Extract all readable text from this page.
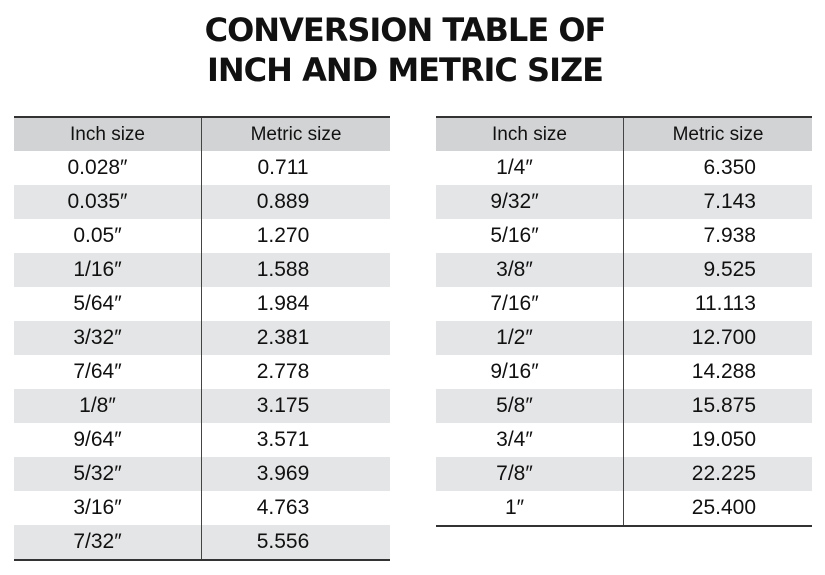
CONVERSION TABLE OF
INCH AND METRIC SIZE
Inch size	Metric size
0.028″	0.711
0.035″	0.889
0.05″	1.270
1/16″	1.588
5/64″	1.984
3/32″	2.381
7/64″	2.778
1/8″	3.175
9/64″	3.571
5/32″	3.969
3/16″	4.763
7/32″	5.556
Inch size	Metric size
1/4″	6.350
9/32″	7.143
5/16″	7.938
3/8″	9.525
7/16″	11.113
1/2″	12.700
9/16″	14.288
5/8″	15.875
3/4″	19.050
7/8″	22.225
1″	25.400
